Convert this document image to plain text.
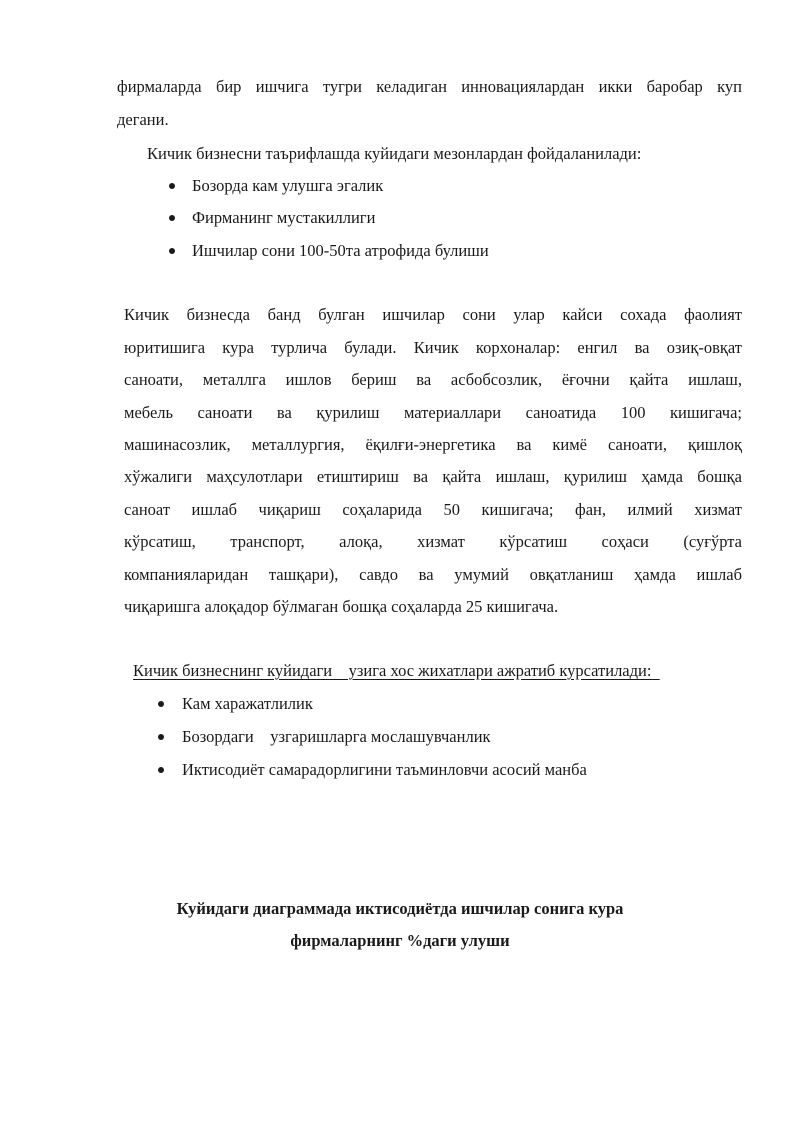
фирмаларда бир ишчига тугри келадиган инновациялардан икки баробар куп
дегани.
Кичик бизнесни таърифлашда куйидаги мезонлардан фойдаланилади:
Бозорда кам улушга эгалик
Фирманинг мустакиллиги
Ишчилар сони 100-50та атрофида булиши
Кичик бизнесда банд булган ишчилар сони улар кайси сохада фаолият
юритишига кура турлича булади. Кичик корхоналар: енгил ва озиқ-овқат
саноати, металлга ишлов бериш ва асбобсозлик, ёғочни қайта ишлаш,
мебель саноати ва қурилиш материаллари саноатида 100 кишигача;
машинасозлик, металлургия, ёқилғи-энергетика ва кимё саноати, қишлоқ
хўжалиги маҳсулотлари етиштириш ва қайта ишлаш, қурилиш ҳамда бошқа
саноат ишлаб чиқариш соҳаларида 50 кишигача; фан, илмий хизмат
кўрсатиш, транспорт, алоқа, хизмат кўрсатиш соҳаси (суғўрта
компанияларидан ташқари), савдо ва умумий овқатланиш ҳамда ишлаб
чиқаришга алоқадор бўлмаган бошқа соҳаларда 25 кишигача.
Кичик бизнеснинг куйидаги    узига хос жихатлари ажратиб курсатилади:
Кам харажатлилик
Бозордаги    узгаришларга мослашувчанлик
Иктисодиёт самарадорлигини таъминловчи асосий манба
Куйидаги диаграммада иктисодиётда ишчилар сонига кура
фирмаларнинг %даги улуши
